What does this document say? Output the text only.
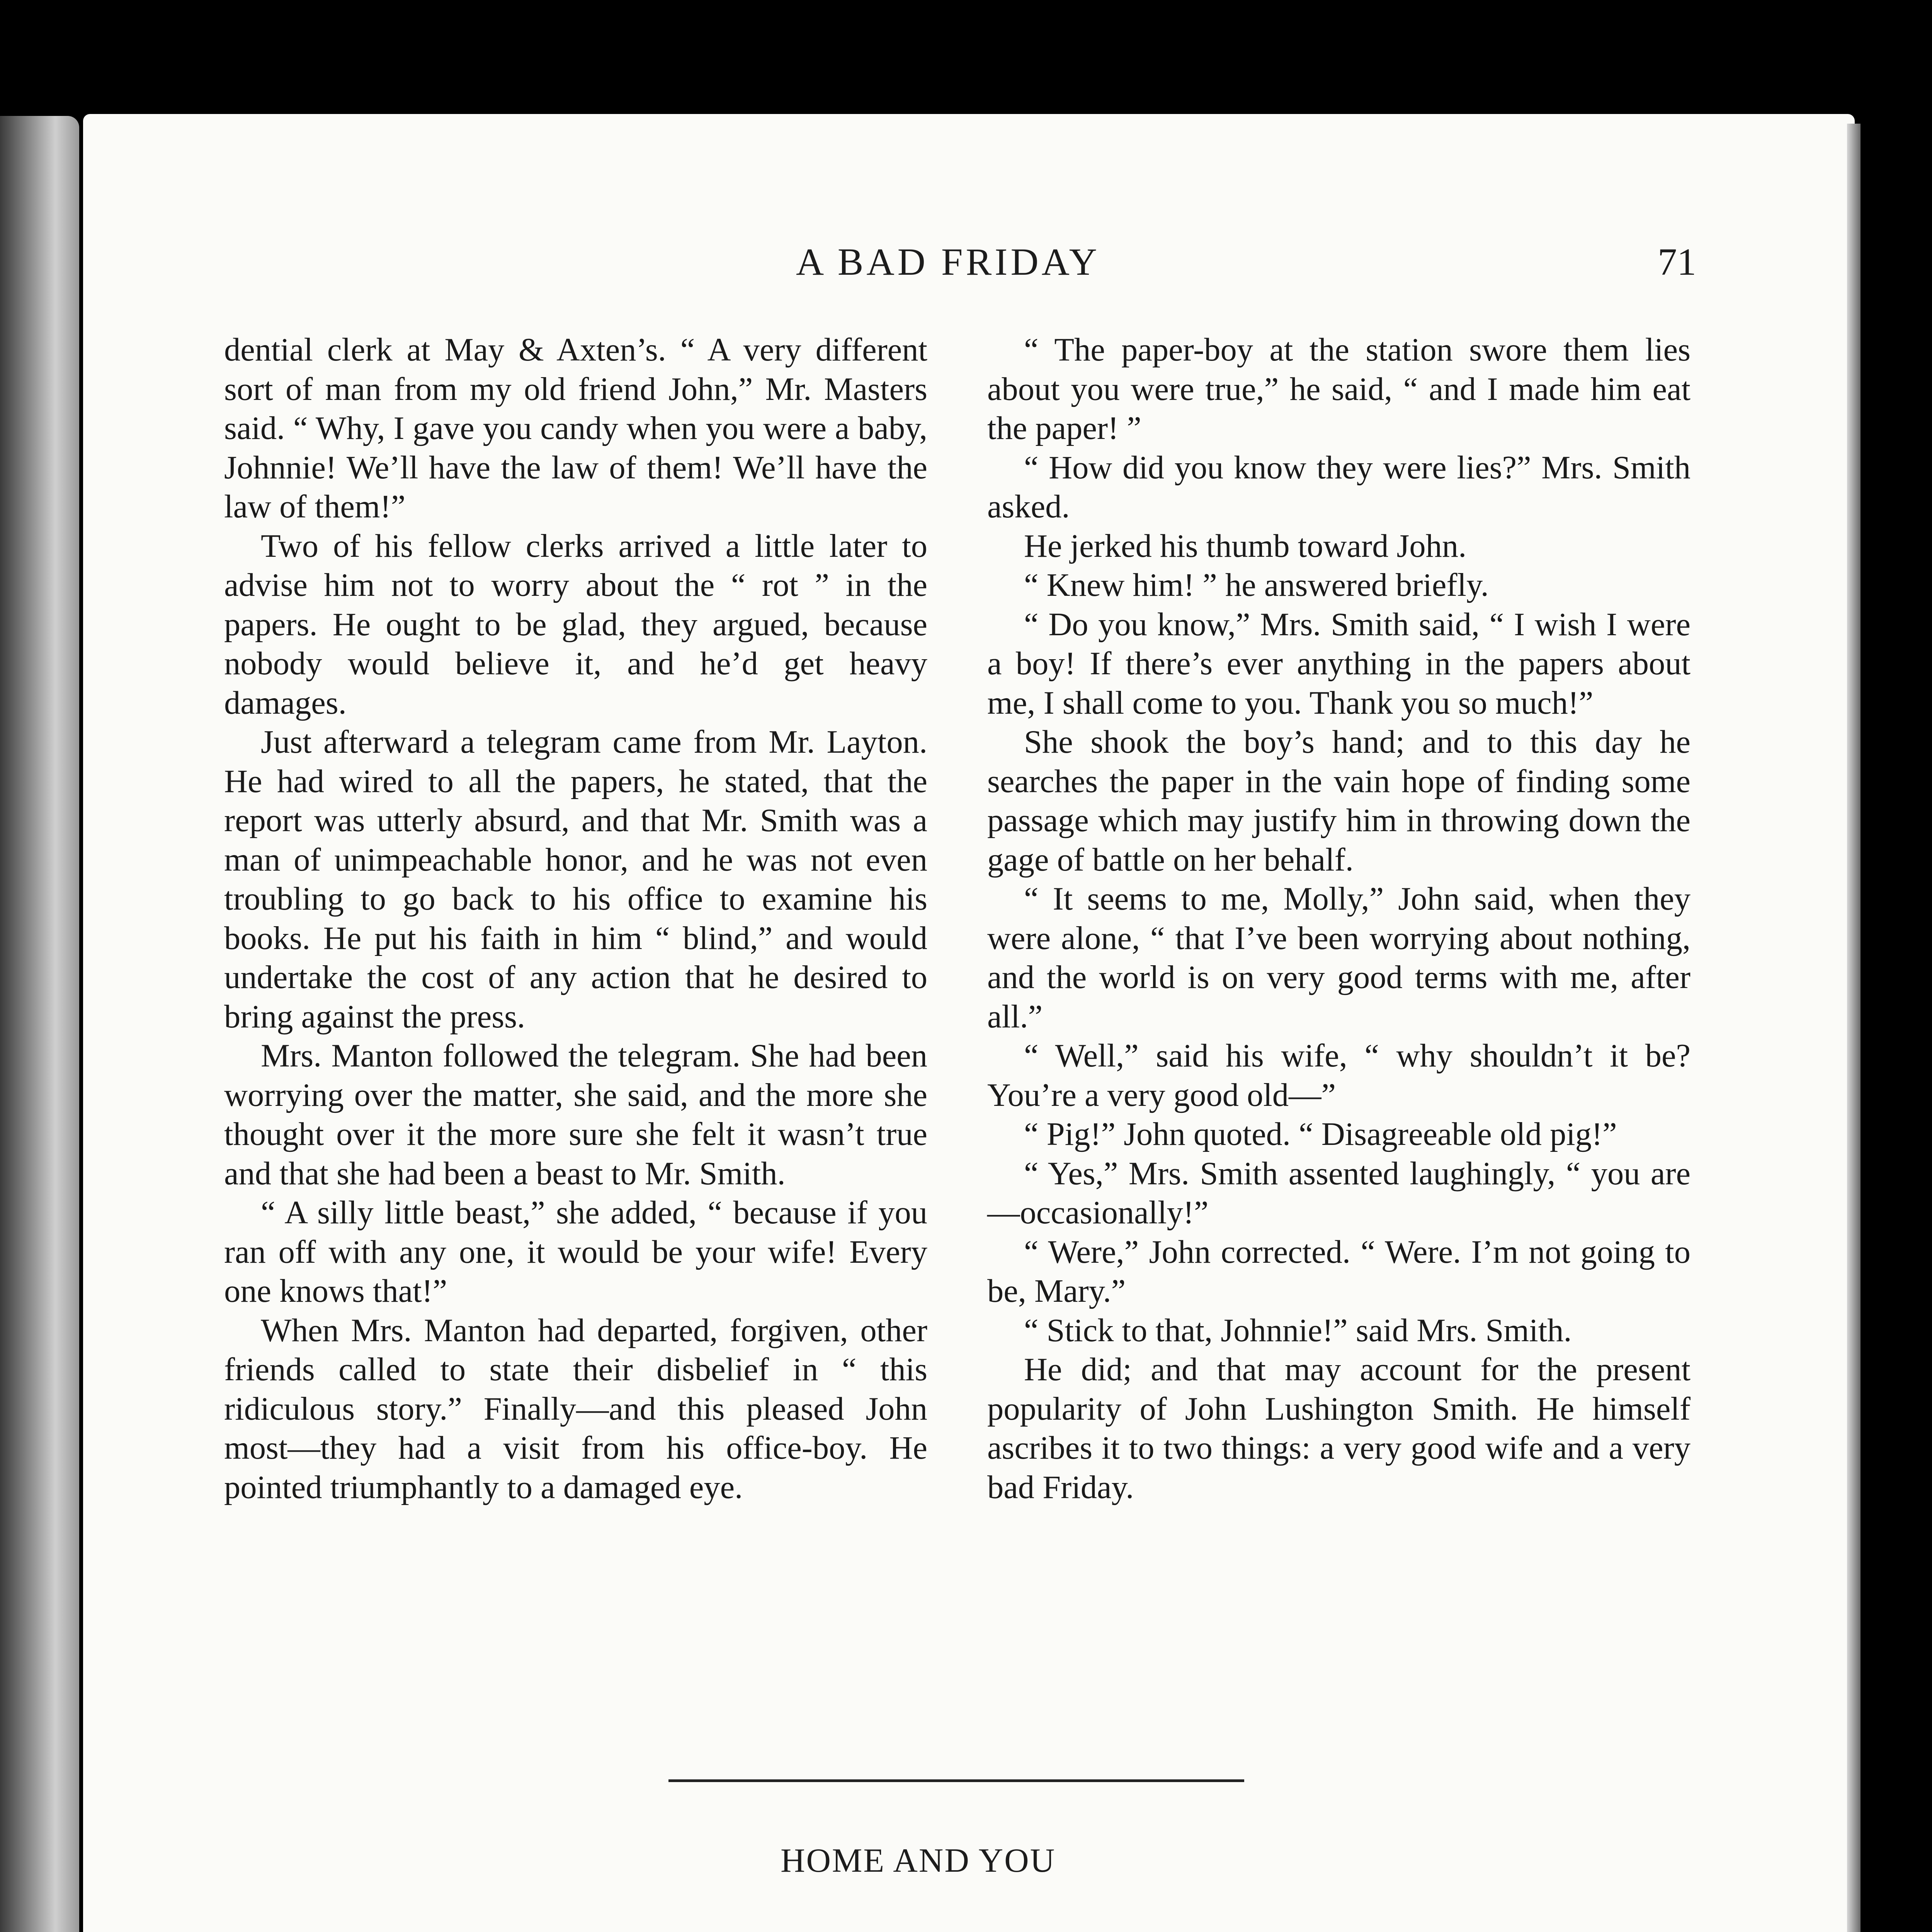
A BAD FRIDAY	71

dential clerk at May & Axten’s. “ A very different sort of man from my old friend John,” Mr. Masters said. “ Why, I gave you candy when you were a baby, Johnnie! We’ll have the law of them! We’ll have the law of them!”

Two of his fellow clerks arrived a little later to advise him not to worry about the “ rot ” in the papers. He ought to be glad, they argued, because nobody would believe it, and he’d get heavy damages.

Just afterward a telegram came from Mr. Layton. He had wired to all the papers, he stated, that the report was utterly absurd, and that Mr. Smith was a man of unimpeachable honor, and he was not even troubling to go back to his office to examine his books. He put his faith in him “ blind,” and would undertake the cost of any action that he desired to bring against the press.

Mrs. Manton followed the telegram. She had been worrying over the matter, she said, and the more she thought over it the more sure she felt it wasn’t true and that she had been a beast to Mr. Smith.

“ A silly little beast,” she added, “ because if you ran off with any one, it would be your wife! Every one knows that!”

When Mrs. Manton had departed, forgiven, other friends called to state their disbelief in “ this ridiculous story.” Finally—and this pleased John most—they had a visit from his office-boy. He pointed triumphantly to a damaged eye.

“ The paper-boy at the station swore them lies about you were true,” he said, “ and I made him eat the paper! ”

“ How did you know they were lies?” Mrs. Smith asked.

He jerked his thumb toward John.

“ Knew him! ” he answered briefly.

“ Do you know,” Mrs. Smith said, “ I wish I were a boy! If there’s ever anything in the papers about me, I shall come to you. Thank you so much!”

She shook the boy’s hand; and to this day he searches the paper in the vain hope of finding some passage which may justify him in throwing down the gage of battle on her behalf.

“ It seems to me, Molly,” John said, when they were alone, “ that I’ve been worrying about nothing, and the world is on very good terms with me, after all.”

“ Well,” said his wife, “ why shouldn’t it be? You’re a very good old—”

“ Pig!” John quoted. “ Disagreeable old pig!”

“ Yes,” Mrs. Smith assented laughingly, “ you are—occasionally!”

“ Were,” John corrected. “ Were. I’m not going to be, Mary.”

“ Stick to that, Johnnie!” said Mrs. Smith.

He did; and that may account for the present popularity of John Lushington Smith. He himself ascribes it to two things: a very good wife and a very bad Friday.

HOME AND YOU
